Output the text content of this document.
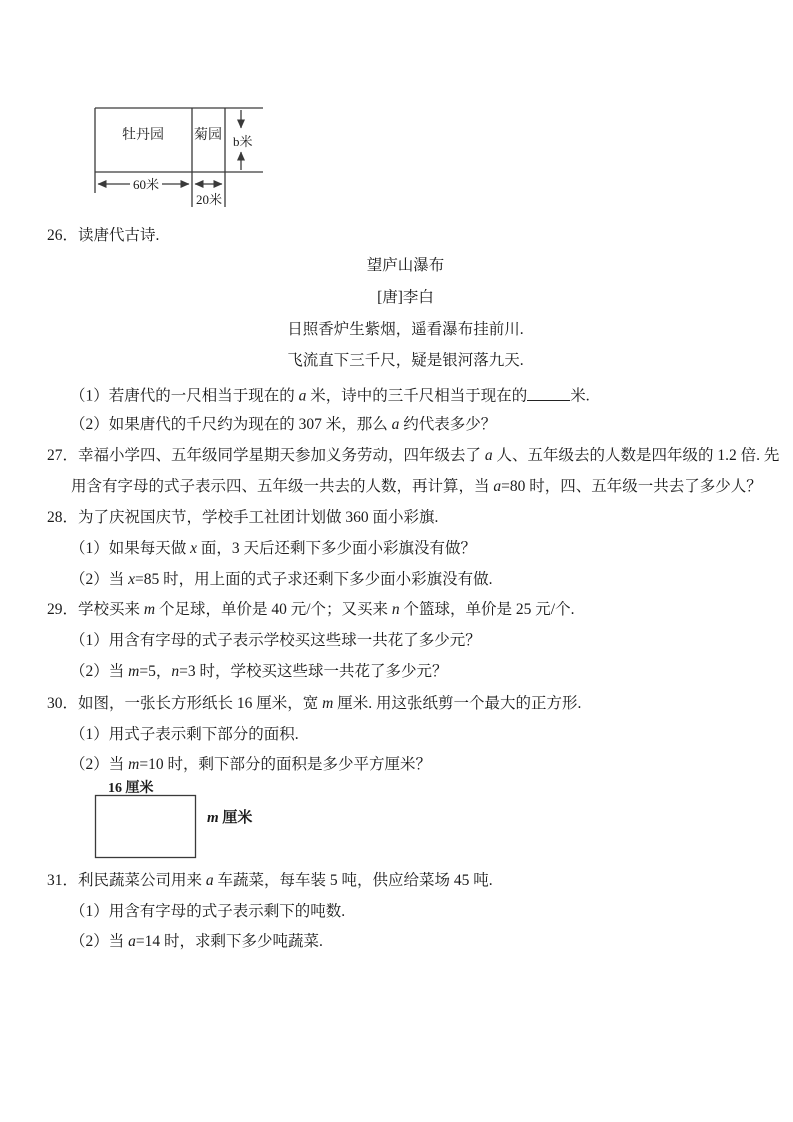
牡丹园 菊园 b米
60米
20米
26．读唐代古诗.
望庐山瀑布
[唐]李白
日照香炉生紫烟，遥看瀑布挂前川.
飞流直下三千尺，疑是银河落九天.
（1）若唐代的一尺相当于现在的 a 米，诗中的三千尺相当于现在的	米.
（2）如果唐代的千尺约为现在的 307 米，那么 a 约代表多少？
27．幸福小学四、五年级同学星期天参加义务劳动，四年级去了 a 人、五年级去的人数是四年级的 1.2 倍. 先
用含有字母的式子表示四、五年级一共去的人数，再计算，当 a=80 时，四、五年级一共去了多少人？
28．为了庆祝国庆节，学校手工社团计划做 360 面小彩旗.
（1）如果每天做 x 面，3 天后还剩下多少面小彩旗没有做？
（2）当 x=85 时，用上面的式子求还剩下多少面小彩旗没有做.
29．学校买来 m 个足球，单价是 40 元/个；又买来 n 个篮球，单价是 25 元/个.
（1）用含有字母的式子表示学校买这些球一共花了多少元？
（2）当 m=5，n=3 时，学校买这些球一共花了多少元？
30．如图，一张长方形纸长 16 厘米，宽 m 厘米. 用这张纸剪一个最大的正方形.
（1）用式子表示剩下部分的面积.
（2）当 m=10 时，剩下部分的面积是多少平方厘米？
16 厘米
m 厘米
31．利民蔬菜公司用来 a 车蔬菜，每车装 5 吨，供应给菜场 45 吨.
（1）用含有字母的式子表示剩下的吨数.
（2）当 a=14 时，求剩下多少吨蔬菜.
